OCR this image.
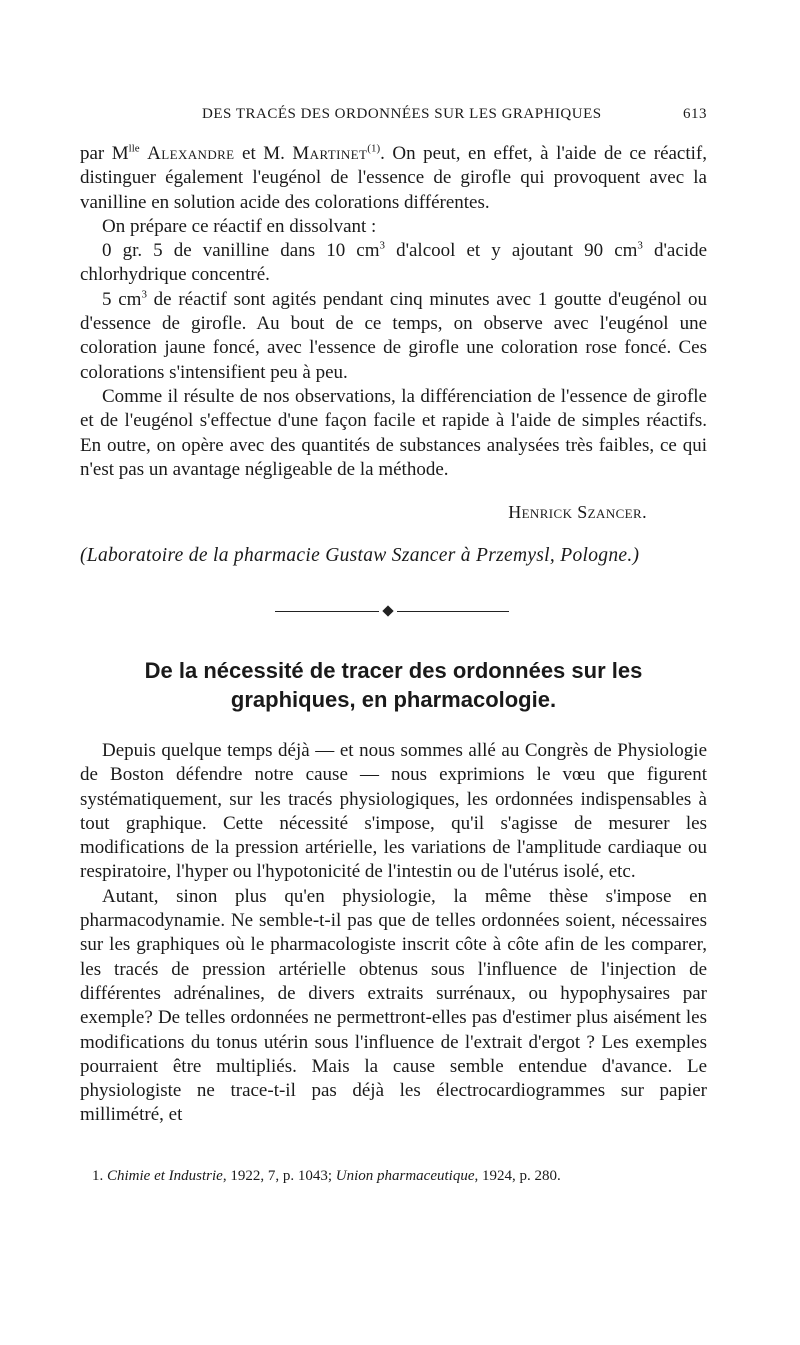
DES TRACÉS DES ORDONNÉES SUR LES GRAPHIQUES	613

par $M^{lle}$ Alexandre et M. Martinet$^{(1)}$. On peut, en effet, à l'aide de ce réactif, distinguer également l'eugénol de l'essence de girofle qui provoquent avec la vanilline en solution acide des colorations différentes.

On prépare ce réactif en dissolvant :

0 gr. 5 de vanilline dans 10 $cm^3$ d'alcool et y ajoutant 90 $cm^3$ d'acide chlorhydrique concentré.

5 $cm^3$ de réactif sont agités pendant cinq minutes avec 1 goutte d'eugénol ou d'essence de girofle. Au bout de ce temps, on observe avec l'eugénol une coloration jaune foncé, avec l'essence de girofle une coloration rose foncé. Ces colorations s'intensifient peu à peu.

Comme il résulte de nos observations, la différenciation de l'essence de girofle et de l'eugénol s'effectue d'une façon facile et rapide à l'aide de simples réactifs. En outre, on opère avec des quantités de substances analysées très faibles, ce qui n'est pas un avantage négligeable de la méthode.

Henrick Szancer.
(Laboratoire de la pharmacie Gustaw Szancer à Przemysl, Pologne.)
De la nécessité de tracer des ordonnées sur les graphiques, en pharmacologie.

Depuis quelque temps déjà — et nous sommes allé au Congrès de Physiologie de Boston défendre notre cause — nous exprimions le vœu que figurent systématiquement, sur les tracés physiologiques, les ordonnées indispensables à tout graphique. Cette nécessité s'impose, qu'il s'agisse de mesurer les modifications de la pression artérielle, les variations de l'amplitude cardiaque ou respiratoire, l'hyper ou l'hypotonicité de l'intestin ou de l'utérus isolé, etc.

Autant, sinon plus qu'en physiologie, la même thèse s'impose en pharmacodynamie. Ne semble-t-il pas que de telles ordonnées soient, nécessaires sur les graphiques où le pharmacologiste inscrit côte à côte afin de les comparer, les tracés de pression artérielle obtenus sous l'influence de l'injection de différentes adrénalines, de divers extraits surrénaux, ou hypophysaires par exemple? De telles ordonnées ne permettront-elles pas d'estimer plus aisément les modifications du tonus utérin sous l'influence de l'extrait d'ergot ? Les exemples pourraient être multipliés. Mais la cause semble entendue d'avance. Le physiologiste ne trace-t-il pas déjà les électrocardiogrammes sur papier millimétré, et

1. Chimie et Industrie, 1922, 7, p. 1043; Union pharmaceutique, 1924, p. 280.
